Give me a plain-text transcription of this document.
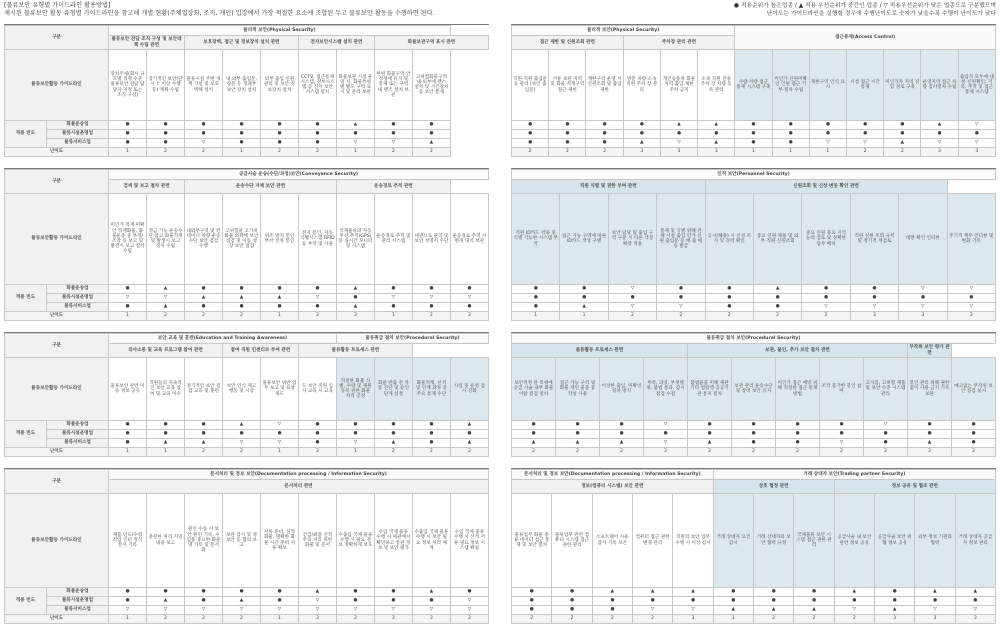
[물류보안 유형별 가이드라인 활용방법]
제시된 물류보안 활동 유형별 가이드라인을 참고해 개별 현황(주체업장회, 조직, 개인) 입장에서 가장 적절한 요소에 조합된 두고 물류보안 활동을 수행하면 된다.
● 적용순위가 높은업종 / ▲ 적용 우선순위가 중간인 업종 / ▽ 적용우선순위가 낮은 업종으로 구분했으며
난이도는 가이드라인을 실행할 경우에 수행난이도로 숫자가 낮을수록 수행이 난이도가 낮다
구분		물리적 보안(Physical Security)								
		물류보안 전담 조직 구성 및 보안대책 수립 관련		보호장벽, 접근 및 경보장치 설치 관련			전자보안시스템 설치 관련		화물보관구역 표시 관련	
물류보안활동 가이드라인		장치주세(회사 규모별 적정 수준 물류보안 전담 담당자 지정 또는 조직 구성)	장기적인 보안(단시 ↑ 이상 수행 등) 계획 수립	물류시설 주변 경계 가설 및 보호벽체 설치	내·외부 출입문, 창문 등 개폐부 보안 장치 설치	외부 출입 인원 관리 및 보안 경보장치 설치	CCTV, 접근통제 시스템, 경보시스템 등 전자 보안 시스템 설치	화물보관 시설 운영 시, 화물특성별 별도 구역 표시 및 분리 보관	한편 화물구역 안정성에 유지 및 통제 또는 구역 내 펜스 설치 보관	고위험화물구역 내·외부에 펜스 설치 및 시건장치 등 보안 통제
적용 빈도	화물운송업	●	●	●	●	●	●	▲	●	●
	물류시설운영업	●	●	●	●	●	●	●	●	●
	물류서비스업	●	●	▽	●	●	●	▽	▽	▲
난이도		1	2	2	1	2	2	1	2	2
물리적 보안(Physical Security)						접근통제(Access Control)						
접근 제한 및 신원조회 관련			주차장 관리 관련									
직원·직원 출입문 등 관리 (보안 출입문)	서류 보관 지역 및 화물 적재구역 접근 제한	재한구역 운영 시 신원조회 및 출입 제한	방문 차량·소속 직원 주차 장 분리	개인승용차 화물지역 출입 제한 주차 금지	소속 직원 전용 주차 장 차량 등록 관리	사람·차량 접근 통제 시스템 구축	미인가 신원미확인 인원 접근 거부·절차 수립	제한구역 인식 표시	시설 접근 시간 통제	미인가자 지역 진입 경로 구축	운영지역 접근 차량 검사절차 수립	출입자 모두에 대한 신원확인, 기록, 추적 및 접근통제 시스템
●	●	●	●	▲	▲	●	●	●	●	●	▲	▽
●	●	●	●	●	●	●	●	●	●	●	●	●
●	●	●	▲	▽	▲	●	●	▽	▽	▲	▽	▽
2	2	2	3	3	3	1	1	1	2	2	3	3
구분		공급사슬 운송(수단/과정)보안(Conveyance Security)									
		검색 및 보고 절차 관련		운송수단 자체 보안 관련				운송경로 추적 관련			
물류보안활동 가이드라인		미인가 적재·미확인 적재화물, 화물운송 중 부정/조작 등 보고 및 발견시 보고 절차 수립	적금 가능 운송수단 참고·화물적재 및 발생시 보고 절차 수립	내외부구역 및 컨테이너 차량 운송수단 보안 점검 수행	고위험물 고가치 화물 외곽에 보안 점검 및 이동 성장 보안 점검	위조 방지 봉인 부착 진차 봉인	전자 봉인, 자동식별시스템 RFID 등 부착 및 사용	국제물류의 자동 무선 추적(GPS) 등 실시간 모니터링 시스템	운송경로 추적 및 관리 시스템	세관으로 관리 및 보안 성명서 수단	운송경로 추적 시 변경 내역 보관
적용 빈도	화물운송업	●	▲	●	●	●	●	▲	●	●	●
	물류시설운영업	▽	▽	▲	▲	▲	▽	●	▽	▽	▽
	물류서비스업	●	▲	●	●	●	●	▲	●	●	●
난이도		1	2	2	2	1	3	3	1	2	3
인적 보안(Personnel Security)									
직원 식별 및 권한 부여 관련				신원조회 및 신상 변동 확인 관련					
직원 ID카드 착용 및 식별 기능한 시스템 부착	접근 가능 구역에 따른 ID카드 색상 구별	보안 담당 및 출입 구역 구분 시 다른 색상 확장 적용	통제 및 식별 위해 전체 시설 출입 인가 신원 출입문 등 배 출 매 승 발급	응시(채용) 시 인성 조사 및 경력 확인	중요 인원 채용 및 외부 직원 신원조회	중요 인원 중요 지역 능력 검토 및 정확한 업무 배치	직원 신원 조회 규칙 및 정기적 재검토	대면 확인 인터뷰	주기적 책무 인터뷰 및 변화 기록
●	●	▽	●	●	▲	●	●	▽	▽
●	●	●	●	●	●	●	●	●	●
●	▲	▽	▽	●	●	▽	▽	▽	▽
1	1	2	2	2	2	2	3	3	3
구분		보안 교육 및 훈련(Education and Training Awareness)						물류취급 절차 보안(Procedural Security)			
		의사소통 및 교육 프로그램 참여 관련			참여 직원 인센티브 부여 관련		물류활동 프로세스 관련				
물류보안활동 가이드라인		물류보안 관련 이슈 정보 공유	직원들의 지속적인 보안 교육 참여 및 교육 이수	정기적인 보안 점검 교육 및 훈련	보안 인식 제고 행동 및 시상	물류보안 위반 업무 보고 및 표창 제도	도 보안 직원 입사 교육 시 교육	적절한 화물 식별, 수량 및 제원 등록 위한 화물 처리 공정	화물 반출 전 자동 진단 및 승인 단계 설정	화물적재, 선적 및 인계 과정 중 주요 통제 수단	사업 및 운영 검사 강화
적용 빈도	화물운송업	●	●	●	▲	▽	●	●	●	●	▲
	물류시설운영업	●	●	●	●	●	●	●	●	●	●
	물류서비스업	●	▲	▲	▽	▽	●	▽	▲	●	▲
난이도		1	1	2	2	1	3	1	2	2	2
물류취급 절차 보안(Procedural Security)										
물류활동 프로세스 관련				보관, 불인, 추가 보안 절차 관련					무작위 보안 평가 관련	
보안적정 관 특위에 공급 사슬 내부 화물 이탈 점검 절차	접근 가능 구역 및 화물 개인 물품 중 작성 사용	이상한 출입, 미확인 절차 방지	부족, 과잉, 부정행위, 불법 통과, 감시 점검 수집	불법물품 미해 세관 기타 법집행 공공기관 통지 절차	보관 관리 운송수단 및 장비 보안 유지	미인가 접근 예방 위해 적절한 접근 통제 방법	조작 불가한 봉인 참여	고지를, 고위험 제품 및 보안 수준 시스템 관리	봉인 관리 위해 권한 없이 사용 금지 기록 보관	예고없는 무작위 보안 점검 실시
●	●	●	▽	●	●	●	●	▽	●	●
●	●	●	●	●	●	●	●	●	●	●
▲	▲	▲	▽	▲	●	●	▽	●	▲	●
2	2	2	3	3	2	2	2	3	3	3
구분		문서처리 및 정보 보안(Documentation processing / Information Security)									
		문서처리 관련									
물류보안활동 가이드라인		제품 인도/수령 작업 인터 정식 문서 기록	충분한 처리 지연 내용 보고	원인 수송 시 보안 원인 기록, 수입품 중요한 화물 명 기록 및 문서화	보관 검사 및 정 보안 등 협의 보고	서류 준비, 선적 화물, 명확한 화물 시간 준비 서류 확보	긴급/최종 선적 주의 처리 위한 화물 및 문서	수출입 국제 물류 수행 시 필요 정보 정확하게 보호	수입 국제 물류 수행 시 세관에서 확인하고 통관 정보 및 보안 평가	수출입 국제 물류 수행 시 보안 필요 정보 처리 체계	수입 국제 물류 수행 시 선적 서류 필요 정보 시스템 확립
적용 빈도	화물운송업	●	●	●	●	●	▲	●	●	▲	●
	물류시설운영업	●	▲	●	▲	●	▽	●	●	●	▽
	물류서비스업	▽	▽	▽	▽	▽	▽	▽	▽	▽	▽
난이도		1	2	2	2	1	3	2	3	3	2
문서처리 및 정보 보안(Documentation processing / Information Security)					거래 상대자 보안(Trading partner Security)						
정보(컴퓨터 시스템) 보안 관련					상호 협정 관련			정보 공유 및 협조 관련			
물류업무 화물 종류 데이터 접근 통제 및 보안 절차	물류업무 관련 컴퓨터 시스템 접근 권한 관리	소프트웨어 사용 감사 기록 보존	컴퓨터 접근 권한 변경 관리	직원의 보안 업무 수행 시 이상 감시	거래 상대자 요건 감시	거래 상대자와 보안 협력 규정	국제물류 보안 시스템 접근 권한 관리	공급사슬 내 보안 관련 정보 공유	공급사슬 보안 위협 정보 공유	외부 정보 기관과 협력	거래 상대자 공급자 정보 관리
●	●	▲	▲	▲	●	●	●	▲	●	▲	▲
●	●	●	●	●	●	●	●	●	●	●	●
●	●	●	▽	▽	▲	▲	▲	▽	▲	▽	▽
2	2	2	2	3	1	2	2	2	3	3	3
